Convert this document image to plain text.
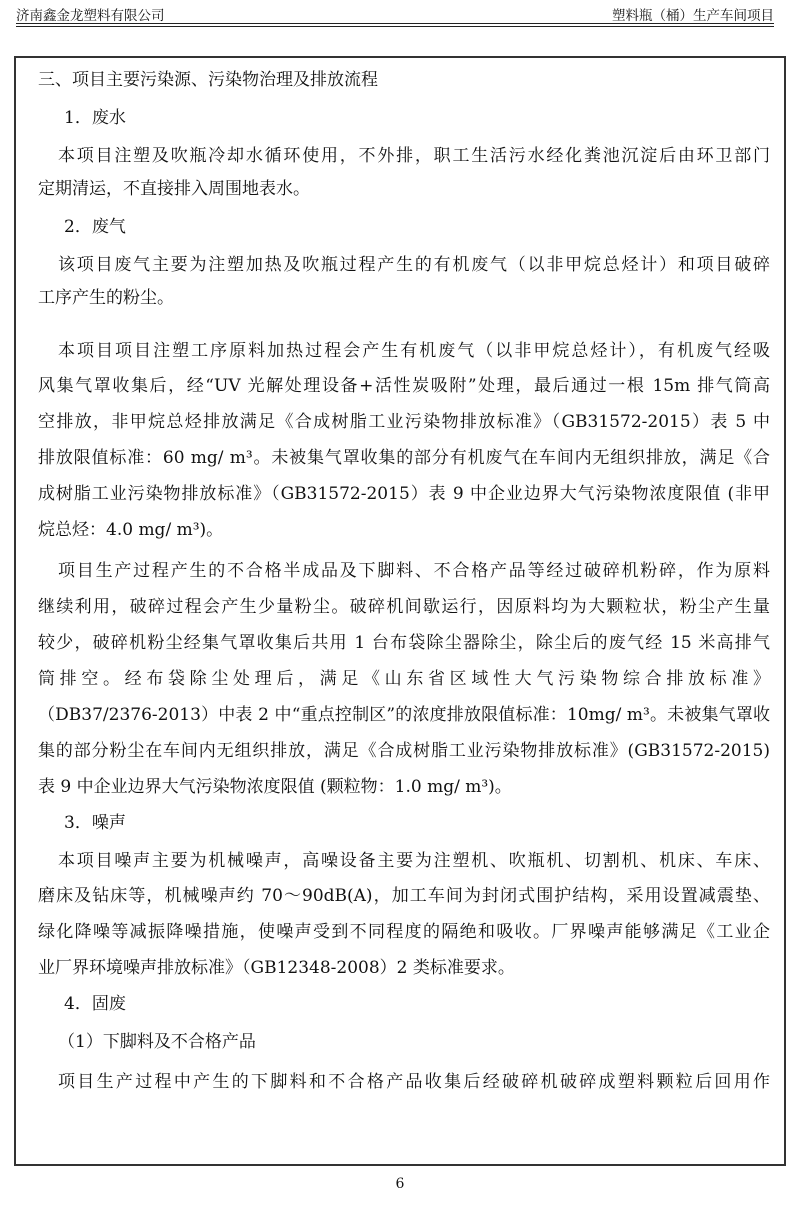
济南鑫金龙塑料有限公司	塑料瓶（桶）生产车间项目
三、项目主要污染源、污染物治理及排放流程
1．废水
本项目注塑及吹瓶冷却水循环使用，不外排，职工生活污水经化粪池沉淀后由环卫部门
定期清运，不直接排入周围地表水。
2．废气
该项目废气主要为注塑加热及吹瓶过程产生的有机废气（以非甲烷总烃计）和项目破碎
工序产生的粉尘。
本项目项目注塑工序原料加热过程会产生有机废气（以非甲烷总烃计），有机废气经吸
风集气罩收集后，经“UV 光解处理设备+活性炭吸附”处理，最后通过一根 15m 排气筒高
空排放，非甲烷总烃排放满足《合成树脂工业污染物排放标准》（GB31572-2015）表 5 中
排放限值标准：60 mg/ m³。未被集气罩收集的部分有机废气在车间内无组织排放，满足《合
成树脂工业污染物排放标准》（GB31572-2015）表 9 中企业边界大气污染物浓度限值 (非甲
烷总烃：4.0 mg/ m³)。
项目生产过程产生的不合格半成品及下脚料、不合格产品等经过破碎机粉碎，作为原料
继续利用，破碎过程会产生少量粉尘。破碎机间歇运行，因原料均为大颗粒状，粉尘产生量
较少，破碎机粉尘经集气罩收集后共用 1 台布袋除尘器除尘，除尘后的废气经 15 米高排气
筒排空。经布袋除尘处理后，满足《山东省区域性大气污染物综合排放标准》
（DB37/2376-2013）中表 2 中“重点控制区”的浓度排放限值标准：10mg/ m³。未被集气罩收
集的部分粉尘在车间内无组织排放，满足《合成树脂工业污染物排放标准》(GB31572-2015)
表 9 中企业边界大气污染物浓度限值 (颗粒物：1.0 mg/ m³)。
3．噪声
本项目噪声主要为机械噪声，高噪设备主要为注塑机、吹瓶机、切割机、机床、车床、
磨床及钻床等，机械噪声约 70～90dB(A)，加工车间为封闭式围护结构，采用设置减震垫、
绿化降噪等减振降噪措施，使噪声受到不同程度的隔绝和吸收。厂界噪声能够满足《工业企
业厂界环境噪声排放标准》（GB12348-2008）2 类标准要求。
4．固废
（1）下脚料及不合格产品
项目生产过程中产生的下脚料和不合格产品收集后经破碎机破碎成塑料颗粒后回用作
6
